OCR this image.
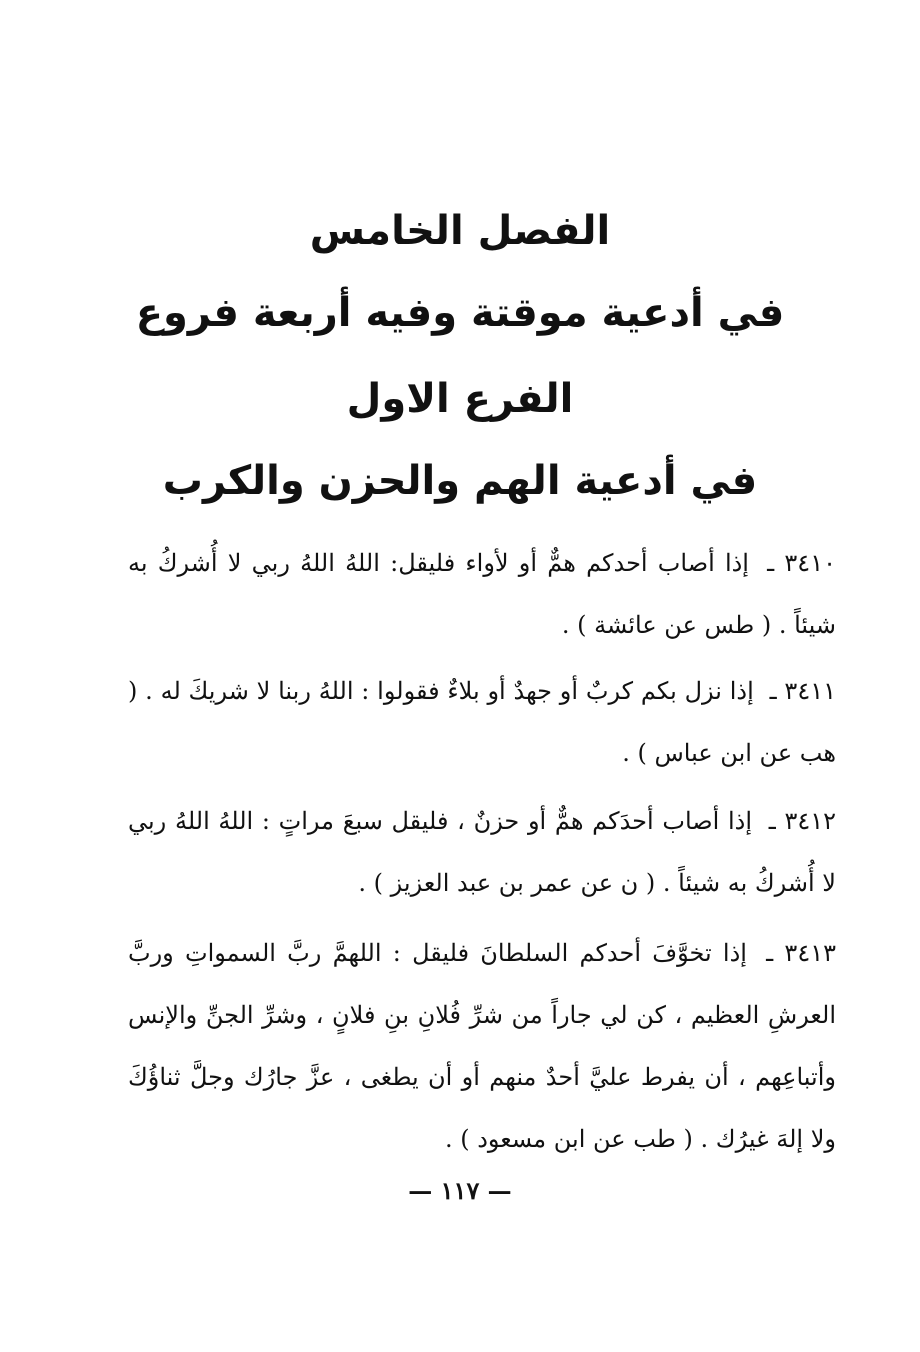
الفصل الخامس
في أدعية موقتة وفيه أربعة فروع
الفرع الاول
في أدعية الهم والحزن والكرب
٣٤١٠ ـ إذا أصاب أحدكم همٌّ أو لأواء فليقل: اللهُ اللهُ ربي لا أُشركُ به شيئاً . ( طس عن عائشة ) .
٣٤١١ ـ إذا نزل بكم كربٌ أو جهدٌ أو بلاءٌ فقولوا : اللهُ ربنا لا شريكَ له . ( هب عن ابن عباس ) .
٣٤١٢ ـ إذا أصاب أحدَكم همٌّ أو حزنٌ ، فليقل سبعَ مراتٍ : اللهُ اللهُ ربي لا أُشركُ به شيئاً . ( ن عن عمر بن عبد العزيز ) .
٣٤١٣ ـ إذا تخوَّفَ أحدكم السلطانَ فليقل : اللهمَّ ربَّ السمواتِ وربَّ العرشِ العظيم ، كن لي جاراً من شرِّ فُلانِ بنِ فلانٍ ، وشرِّ الجنِّ والإنس وأتباعِهم ، أن يفرط عليَّ أحدٌ منهم أو أن يطغى ، عزَّ جارُك وجلَّ ثناؤُكَ ولا إلهَ غيرُك . ( طب عن ابن مسعود ) .
— ١١٧ —
